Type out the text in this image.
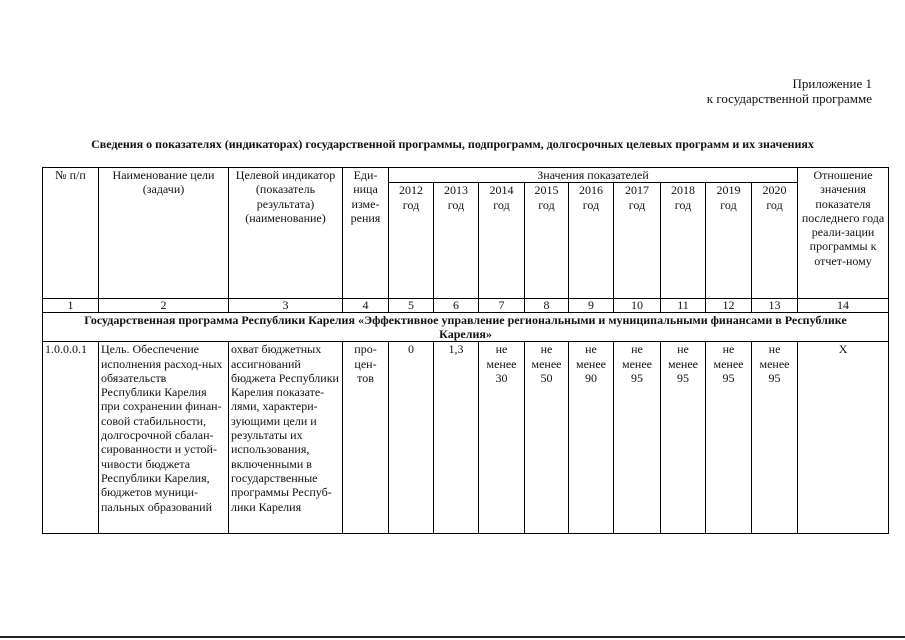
Приложение 1
к государственной программе
Сведения о показателях (индикаторах) государственной программы, подпрограмм, долгосрочных целевых программ и их значениях
№ п/п	Наименование цели (задачи)	Целевой индикатор (показатель результата) (наименование)	Еди-ница изме-рения	Значения показателей									Отношение значения показателя последнего года реали-зации программы к отчет-ному
				2012 год	2013 год	2014 год	2015 год	2016 год	2017 год	2018 год	2019 год	2020 год	
1	2	3	4	5	6	7	8	9	10	11	12	13	14
Государственная программа Республики Карелия «Эффективное управление региональными и муниципальными финансами в Республике Карелия»													
1.0.0.0.1	Цель. Обеспечение исполнения расход-ных обязательств Республики Карелия при сохранении финан-совой стабильности, долгосрочной сбалан-сированности и устой-чивости бюджета Республики Карелия, бюджетов муници-пальных образований	охват бюджетных ассигнований бюджета Республики Карелия показате-лями, характери-зующими цели и результаты их использования, включенными в государственные программы Респуб-лики Карелия	про-цен-тов	0	1,3	не менее 30	не менее 50	не менее 90	не менее 95	не менее 95	не менее 95	не менее 95	Х
